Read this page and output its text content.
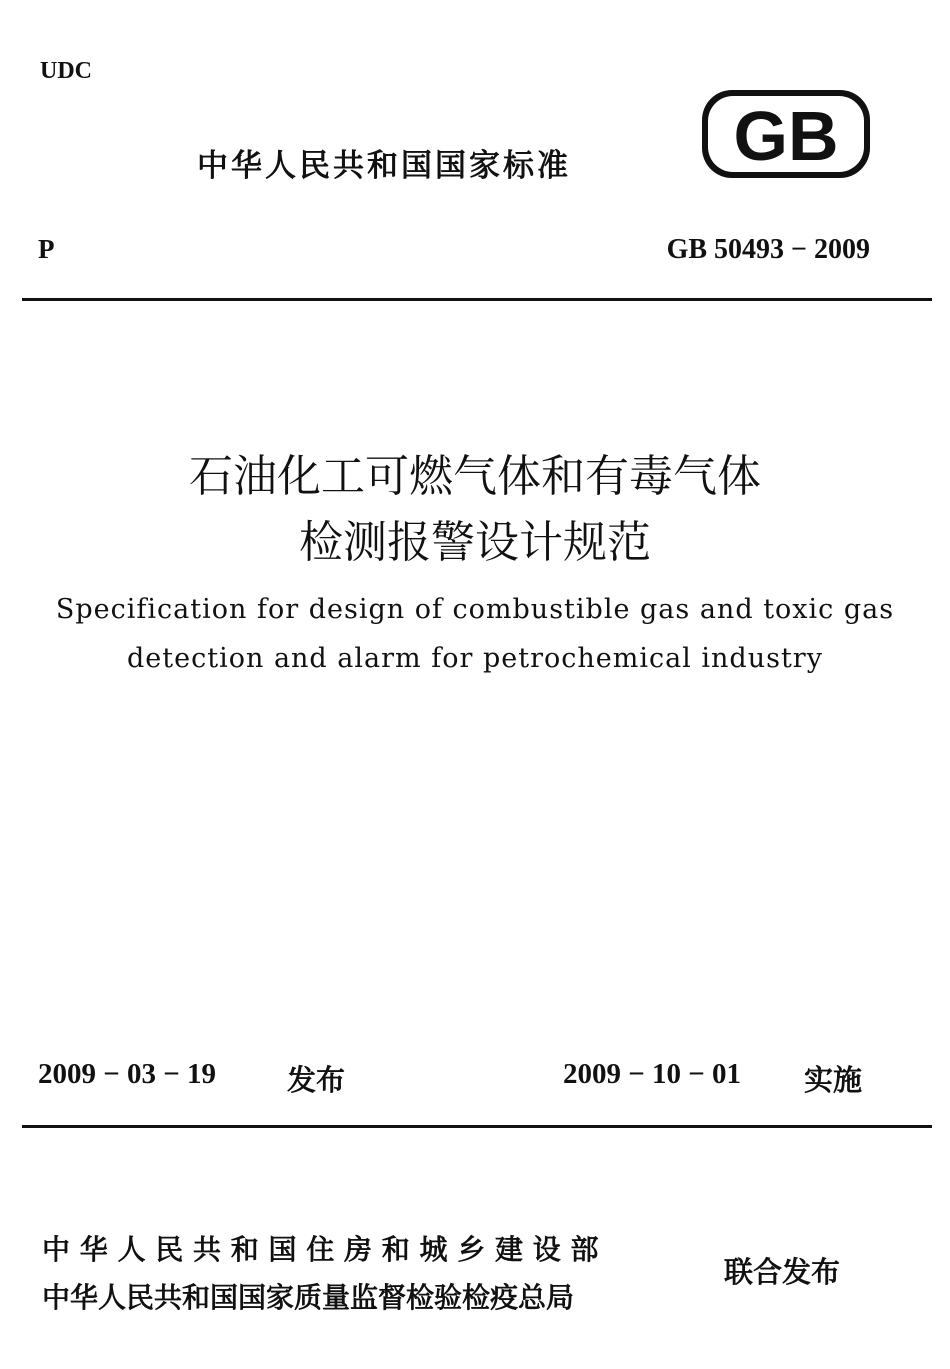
UDC
中华人民共和国国家标准 GB
P	GB 50493 − 2009
石油化工可燃气体和有毒气体
检测报警设计规范
Specification for design of combustible gas and toxic gas
detection and alarm for petrochemical industry
2009 − 03 − 19 发布	2009 − 10 − 01 实施
中 华 人 民 共 和 国 住 房 和 城 乡 建 设 部
中华人民共和国国家质量监督检验检疫总局
联合发布
